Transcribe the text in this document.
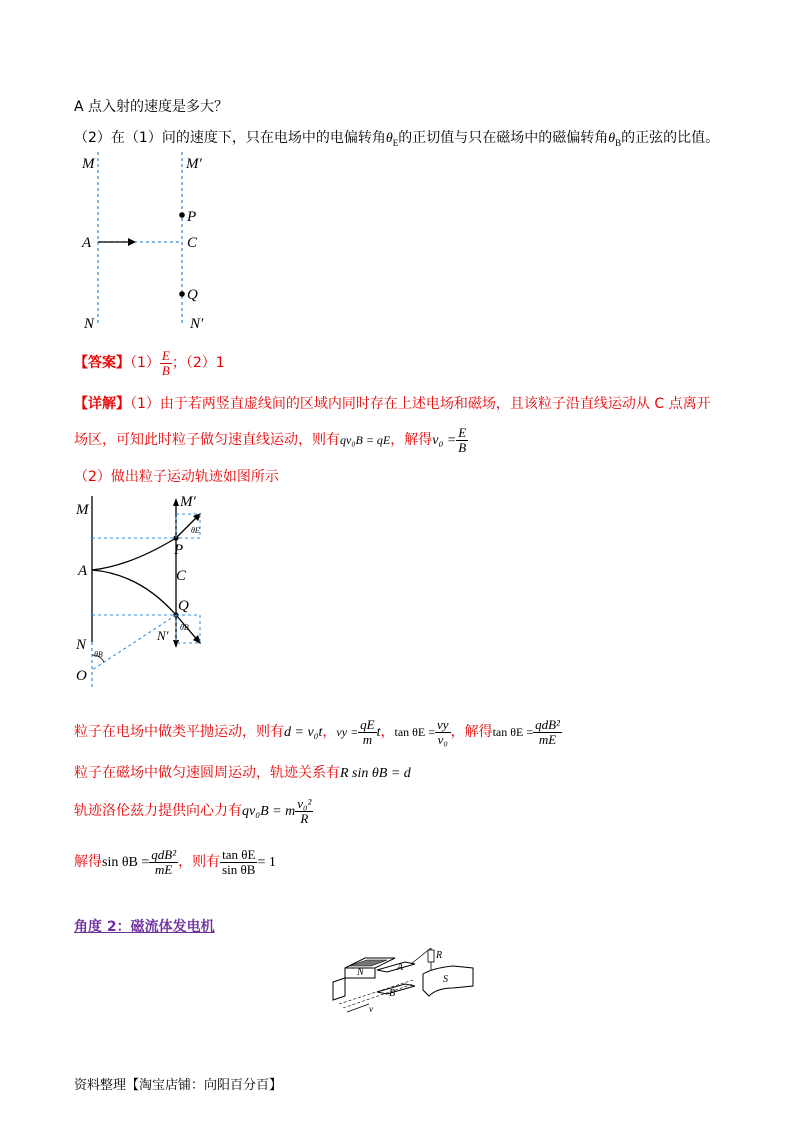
A 点入射的速度是多大？
（2）在（1）问的速度下，只在电场中的电偏转角$\theta_E$的正切值与只在磁场中的磁偏转角$\theta_B$的正弦的比值。
M	M′
P
A	C
Q
N	N′
【答案】$(1) \frac{E}{B}$ ；（2）1
【详解】（1）由于若两竖直虚线间的区域内同时存在上述电场和磁场，且该粒子沿直线运动从 C 点离开
场区，可知此时粒子做匀速直线运动，则有qv₀B = qE，解得$v_0 = \frac{E}{B}$
（2）做出粒子运动轨迹如图所示
M	M′
θE
P
A	C
Q
θB
N′
N
θB
O
粒子在电场中做类平抛运动，则有d = v₀t，vy = $\frac{qE}{m}$ t，$\tan \theta E = \frac{vy}{\text{v₀}}$ ，解得$\tan \theta E = \frac{\text{qdB²}}{mE}$
粒子在磁场中做匀速圆周运动，轨迹关系有R sin θB = d
轨迹洛伦兹力提供向心力有qv₀B = m $\frac{\text{v₀²}}{R}$
解得$\sin \theta B = \frac{\text{qdB²}}{mE}$ ，则有 $\frac{\text{tan θE}}{\text{sin θB}} = 1$
角度 2：磁流体发电机
R
N	A
B
S
v
资料整理【淘宝店铺：向阳百分百】
